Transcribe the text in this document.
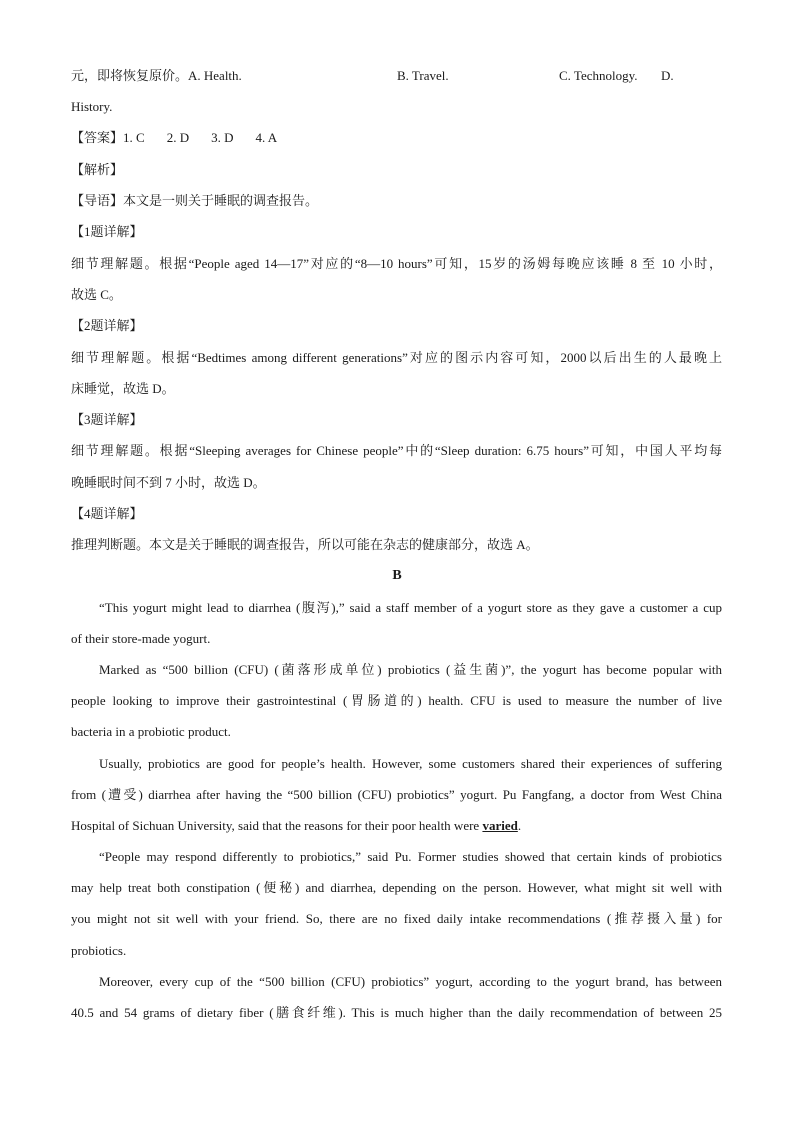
元，即将恢复原价。A. Health.	B. Travel.	C. Technology. D.
History.
【答案】1. C 2. D 3. D 4. A
【解析】
【导语】本文是一则关于睡眠的调查报告。
【1题详解】
细节理解题。根据“People aged 14—17”对应的“8—10 hours”可知，15岁的汤姆每晚应该睡 8 至 10 小时，
故选 C。
【2题详解】
细节理解题。根据“Bedtimes among different generations”对应的图示内容可知，2000以后出生的人最晚上
床睡觉，故选 D。
【3题详解】
细节理解题。根据“Sleeping averages for Chinese people”中的“Sleep duration: 6.75 hours”可知，中国人平均每
晚睡眠时间不到 7 小时，故选 D。
【4题详解】
推理判断题。本文是关于睡眠的调查报告，所以可能在杂志的健康部分，故选 A。
B
“This yogurt might lead to diarrhea (腹泻),” said a staff member of a yogurt store as they gave a customer a cup
of their store-made yogurt.
Marked as “500 billion (CFU) (菌落形成单位) probiotics (益生菌)”, the yogurt has become popular with
people looking to improve their gastrointestinal (胃肠道的) health. CFU is used to measure the number of live
bacteria in a probiotic product.
Usually, probiotics are good for people’s health. However, some customers shared their experiences of suffering
from (遭受) diarrhea after having the “500 billion (CFU) probiotics” yogurt. Pu Fangfang, a doctor from West China
Hospital of Sichuan University, said that the reasons for their poor health were varied.
“People may respond differently to probiotics,” said Pu. Former studies showed that certain kinds of probiotics
may help treat both constipation (便秘) and diarrhea, depending on the person. However, what might sit well with
you might not sit well with your friend. So, there are no fixed daily intake recommendations (推荐摄入量) for
probiotics.
Moreover, every cup of the “500 billion (CFU) probiotics” yogurt, according to the yogurt brand, has between
40.5 and 54 grams of dietary fiber (膳食纤维). This is much higher than the daily recommendation of between 25
